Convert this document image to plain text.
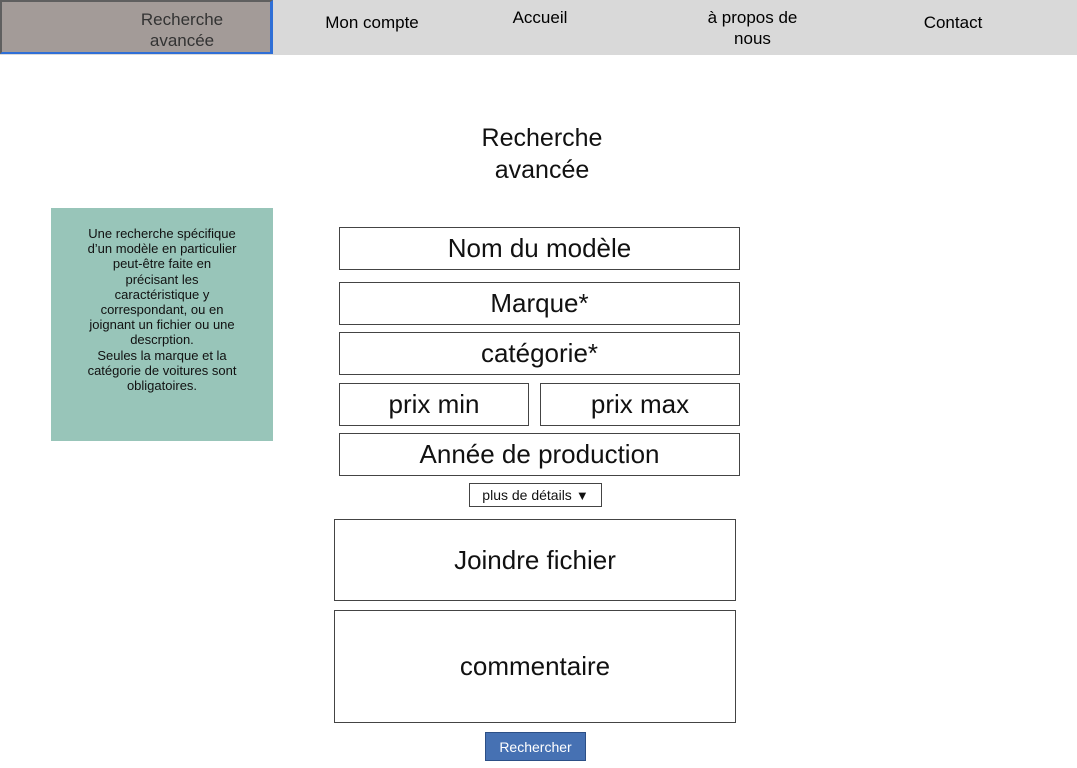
Recherche
avancée
Mon compte	Accueil	à propos de
nous
Contact
Recherche
avancée
Une recherche spécifique
d’un modèle en particulier
peut-être faite en
précisant les
caractéristique y
correspondant, ou en
joignant un fichier ou une
descrption.
Seules la marque et la
catégorie de voitures sont
obligatoires.
Nom du modèle
Marque*
catégorie*
prix min	prix max
Année de production
plus de détails ▼
Joindre fichier
commentaire
Rechercher
